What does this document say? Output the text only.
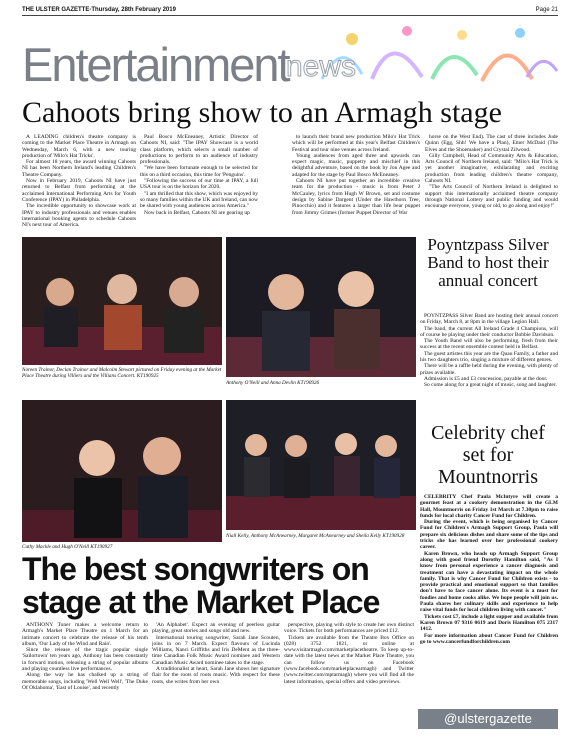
THE ULSTER GAZETTE-Thursday, 28th February 2019	Page 21
Entertainment
news
Cahoots bring show to an Armagh stage

A LEADING children's theatre company is coming to the Market Place Theatre in Armagh on Wednesday, March 6, with a new touring production of 'Milo's Hat Tricks'.

For almost 18 years, the award winning Cahoots NI has been Northern Ireland's leading Children's Theatre Company.

Now in February 2019, Cahoots NI have just returned to Belfast from performing at the acclaimed International Performing Arts for Youth Conference (IPAY) in Philadelphia.

The incredible opportunity to showcase work at IPAY to industry professionals and venues enables international booking agents to schedule Cahoots NI's next tour of America.

Paul Bosco McEneaney, Artistic Director of Cahoots NI, said: "The IPAY Showcase is a world class platform, which selects a small number of productions to perform to an audience of industry professionals.

"We have been fortunate enough to be selected for this on a third occasion, this time for 'Penguins'.

"Following the success of our time at IPAY, a full USA tour is on the horizon for 2020.

"I am thrilled that this show, which was enjoyed by so many families within the UK and Ireland, can now be shared with young audiences across America."

Now back in Belfast, Cahoots NI are gearing up

to launch their brand new production Milo's Hat Trick which will be performed at this year's Belfast Children's Festival and tour nine venues across Ireland.

Young audiences from aged three and upwards can expect magic, music, puppetry and mischief in this delightful adventure, based on the book by Jon Agee and adapted for the stage by Paul Bosco McEneaney.

Cahoots NI have put together an incredible creative team for the production - music is from Peter J McCauley, lyrics from Hugh W Brown, set and costume design by Sabine Dargent (Under the Hawthorn Tree, Pinocchio) and it features a larger than life bear puppet from Jimmy Grimes (former Puppet Director of War

horse on the West End). The cast of three includes Jude Quinn (Egg, Shh! We have a Plan), Emer McDaid (The Elves and the Shoemaker) and Crystal Zilwood.

Gilly Campbell, Head of Community Arts & Education, Arts Council of Northern Ireland, said: "Milo's Hat Trick is yet another imaginative, exhilarating and exciting production from leading children's theatre company, Cahoots NI.

"The Arts Council of Northern Ireland is delighted to support this internationally acclaimed theatre company through National Lottery and public funding and would encourage everyone, young or old, to go along and enjoy!"

Noreen Trainor, Declan Trainor and Malcolm Stewart pictured on Friday evening at the Market Place Theatre during Villiers and the Villians Concert. KT190925
Anthony O'Neill and Anna Devlin KT190926
Cathy Mackle and Hugh O'Neill KT190927
Niall Kelly, Anthony McAnearney, Margaret McAnearney and Sheila Kelly KT190928
Poyntzpass Silver Band to host their annual concert

POYNTZPASS Silver Band are hosting their annual concert on Friday, March 8, at 8pm in the village Legion Hall.

The band, the current All Ireland Grade 4 Champions, will of course be playing under their conductor Bobbie Davidson.

The Youth Band will also be performing, fresh from their success at the recent ensemble contest held in Belfast.

The guest artistes this year are the Quau Family, a father and his two daughters trio, singing a mixture of different genres.

There will be a raffle held during the evening, with plenty of prizes available.

Admission is £5 and £3 concession, payable at the door.

So come along for a great night of music, song and laughter.

Celebrity chef set for Mountnorris

CELEBRITY Chef Paula McIntyre will create a gourmet feast at a cookery demonstration in the GLM Hall, Mountnorris on Friday 1st March at 7.30pm to raise funds for local charity Cancer Fund for Children.

During the event, which is being organised by Cancer Fund for Children's Armagh Support Group, Paula will prepare six delicious dishes and share some of the tips and tricks she has learned over her professional cookery career.

Karen Brown, who heads up Armagh Support Group along with good friend Dorothy Hamilton said, "As I know from personal experience a cancer diagnosis and treatment can have a devastating impact on the whole family. That is why Cancer Fund for Children exists - to provide practical and emotional support so that families don't have to face cancer alone. Its event is a must for foodies and home cooks alike. We hope people will join us. Paula shares her culinary skills and experience to help raise vital funds for local children living with cancer."

Tickets cost £7, include a light supper and available from Karen Brown 07 9316 0619 and Doris Hamilton 075 2317 1412.

For more information about Cancer Fund for Children go to www.cancerfundforchildren.com

The best songwriters on stage at the Market Place

ANTHONY Toner makes a welcome return to Armagh's Market Place Theatre on 1 March for an intimate concert to celebrate the release of his tenth album, 'Our Lady of the Wind and Rain'.

Since the release of the tragic popular single 'Sailortown' ten years ago, Anthony has been constantly in forward motion, releasing a string of popular albums and playing countless live performances.

Along the way he has chalked up a string of memorable songs, including 'Well Well Well', 'The Duke Of Oklahoma', 'East of Louise', and recently

'An Alphabet'. Expect an evening of peerless guitar playing, great stories and songs old and new.

International touring songwriter, Sarah Jane Scouten, joins in on 7 March. Expect flavours of Lucinda Williams, Nanci Griffiths and Iris DeMent as the three-time Canadian Folk Music Award nominee and Western Canadian Music Award nominee takes to the stage.

A traditionalist at heart, Sarah Jane shows her signature flair for the roots of roots music. With respect for these roots, she writes from her own

perspective, playing with style to create her own distinct voice. Tickets for both performances are priced £12.

Tickets are available from the Theatre Box Office on (028) 3752 1821, or online at www.visitarmagh.com/marketplacetheatre. To keep up-to-date with the latest news at the Market Place Theatre, you can follow us on Facebook (www.facebook.com/marketplacearmagh) and Twitter (www.twitter.com/mptarmagh) where you will find all the latest information, special offers and video previews.

@ulstergazette
